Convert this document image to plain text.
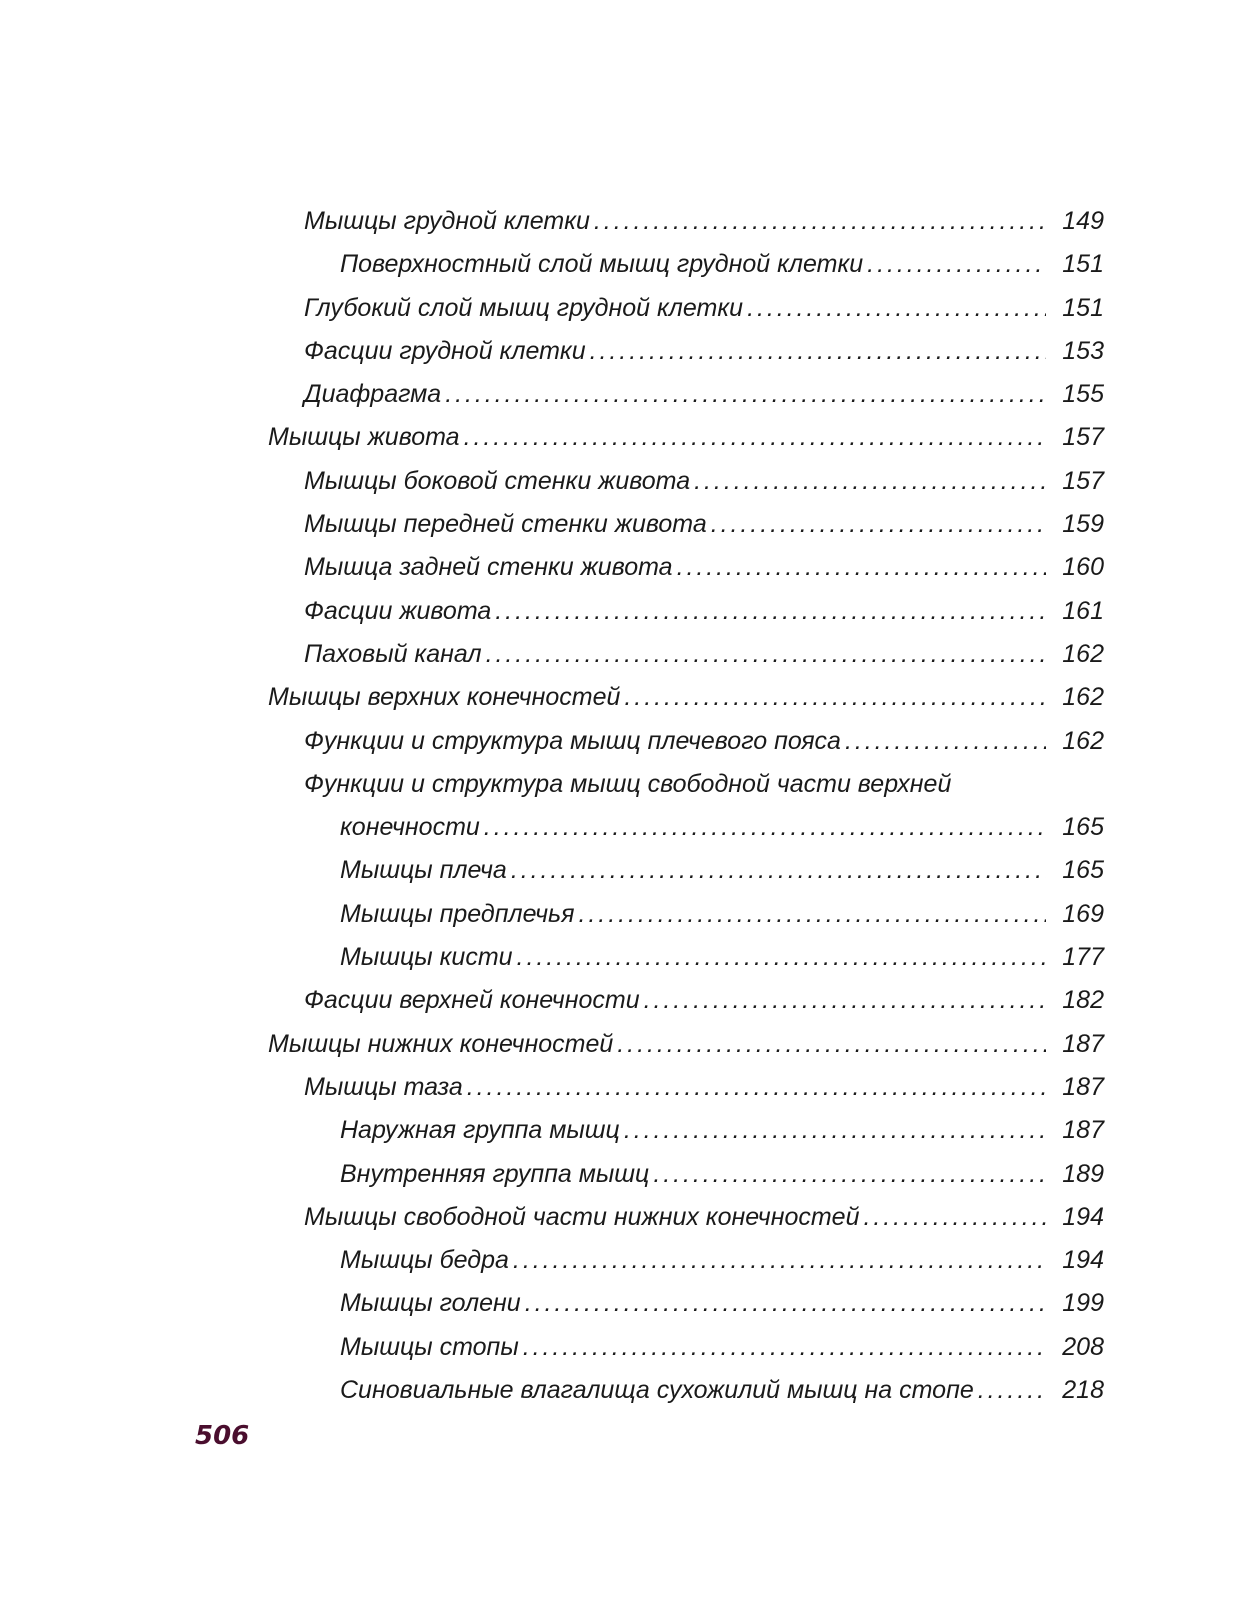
Мышцы грудной клетки . . .	149
Поверхностный слой мышц грудной клетки . . .	151
Глубокий слой мышц грудной клетки . . .	151
Фасции грудной клетки . . .	153
Диафрагма . . .	155
Мышцы живота . . .	157
Мышцы боковой стенки живота . . .	157
Мышцы передней стенки живота . . .	159
Мышца задней стенки живота . . .	160
Фасции живота . . .	161
Паховый канал . . .	162
Мышцы верхних конечностей . . .	162
Функции и структура мышц плечевого пояса . . .	162
Функции и структура мышц свободной части верхней
конечности . . .	165
Мышцы плеча . . .	165
Мышцы предплечья . . .	169
Мышцы кисти . . .	177
Фасции верхней конечности . . .	182
Мышцы нижних конечностей . . .	187
Мышцы таза . . .	187
Наружная группа мышц . . .	187
Внутренняя группа мышц . . .	189
Мышцы свободной части нижних конечностей . . .	194
Мышцы бедра . . .	194
Мышцы голени . . .	199
Мышцы стопы . . .	208
Синовиальные влагалища сухожилий мышц на стопе . . .	218
506
